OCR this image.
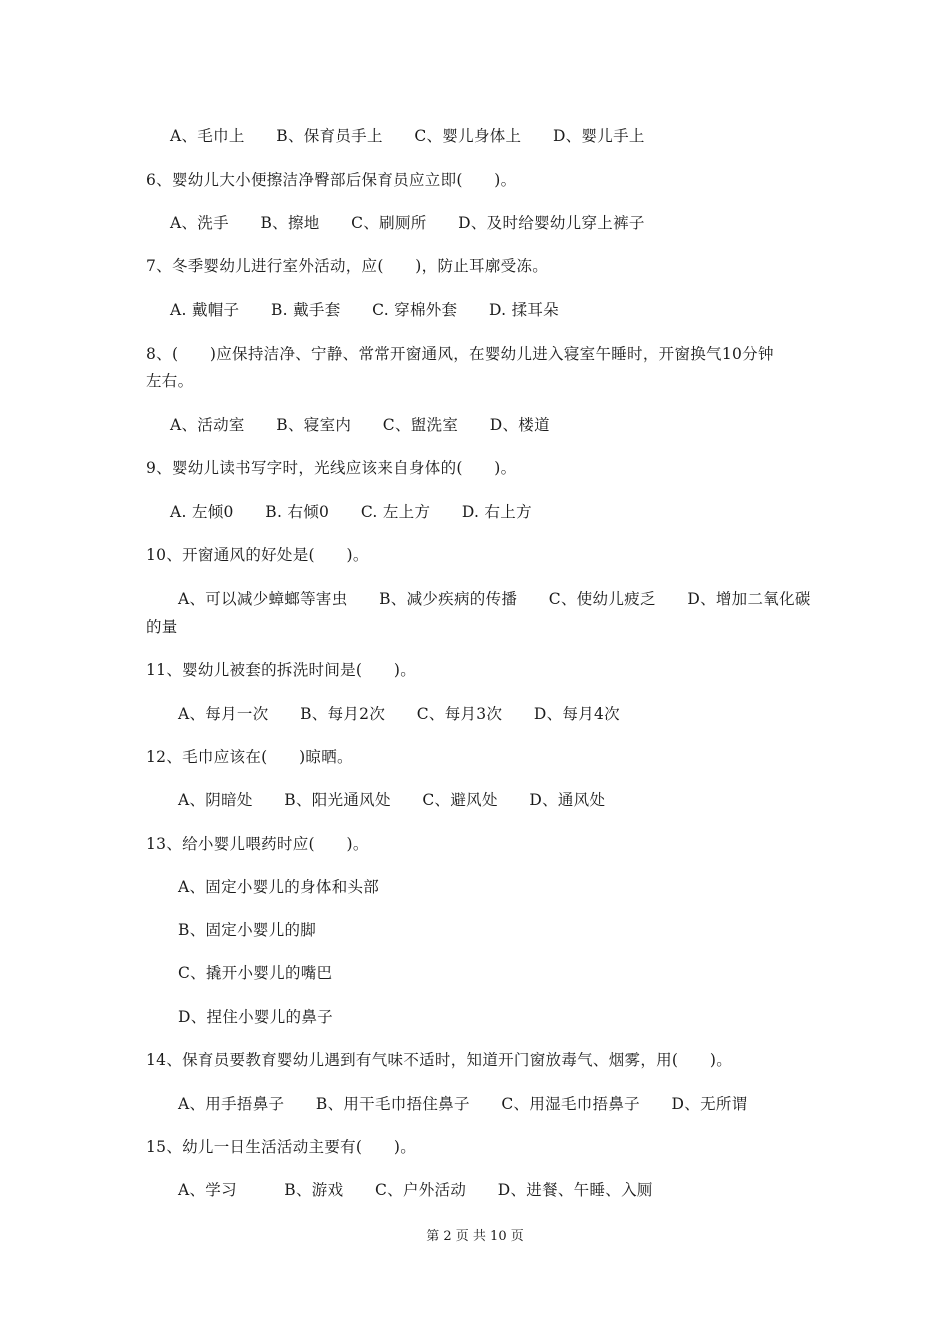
A、毛巾上　　B、保育员手上　　C、婴儿身体上　　D、婴儿手上
6、婴幼儿大小便擦洁净臀部后保育员应立即(　　)。
A、洗手　　B、擦地　　C、刷厕所　　D、及时给婴幼儿穿上裤子
7、冬季婴幼儿进行室外活动，应(　　)，防止耳廓受冻。
A. 戴帽子　　B. 戴手套　　C. 穿棉外套　　D. 揉耳朵
8、(　　)应保持洁净、宁静、常常开窗通风，在婴幼儿进入寝室午睡时，开窗换气10分钟
左右。
A、活动室　　B、寝室内　　C、盥洗室　　D、楼道
9、婴幼儿读书写字时，光线应该来自身体的(　　)。
A. 左倾0　　B. 右倾0　　C. 左上方　　D. 右上方
10、开窗通风的好处是(　　)。
A、可以减少蟑螂等害虫　　B、减少疾病的传播　　C、使幼儿疲乏　　D、增加二氧化碳
的量
11、婴幼儿被套的拆洗时间是(　　)。
A、每月一次　　B、每月2次　　C、每月3次　　D、每月4次
12、毛巾应该在(　　)晾晒。
A、阴暗处　　B、阳光通风处　　C、避风处　　D、通风处
13、给小婴儿喂药时应(　　)。
A、固定小婴儿的身体和头部
B、固定小婴儿的脚
C、撬开小婴儿的嘴巴
D、捏住小婴儿的鼻子
14、保育员要教育婴幼儿遇到有气味不适时，知道开门窗放毒气、烟雾，用(　　)。
A、用手捂鼻子　　B、用干毛巾捂住鼻子　　C、用湿毛巾捂鼻子　　D、无所谓
15、幼儿一日生活活动主要有(　　)。
A、学习　　　B、游戏　　C、户外活动　　D、进餐、午睡、入厕
第 2 页 共 10 页
